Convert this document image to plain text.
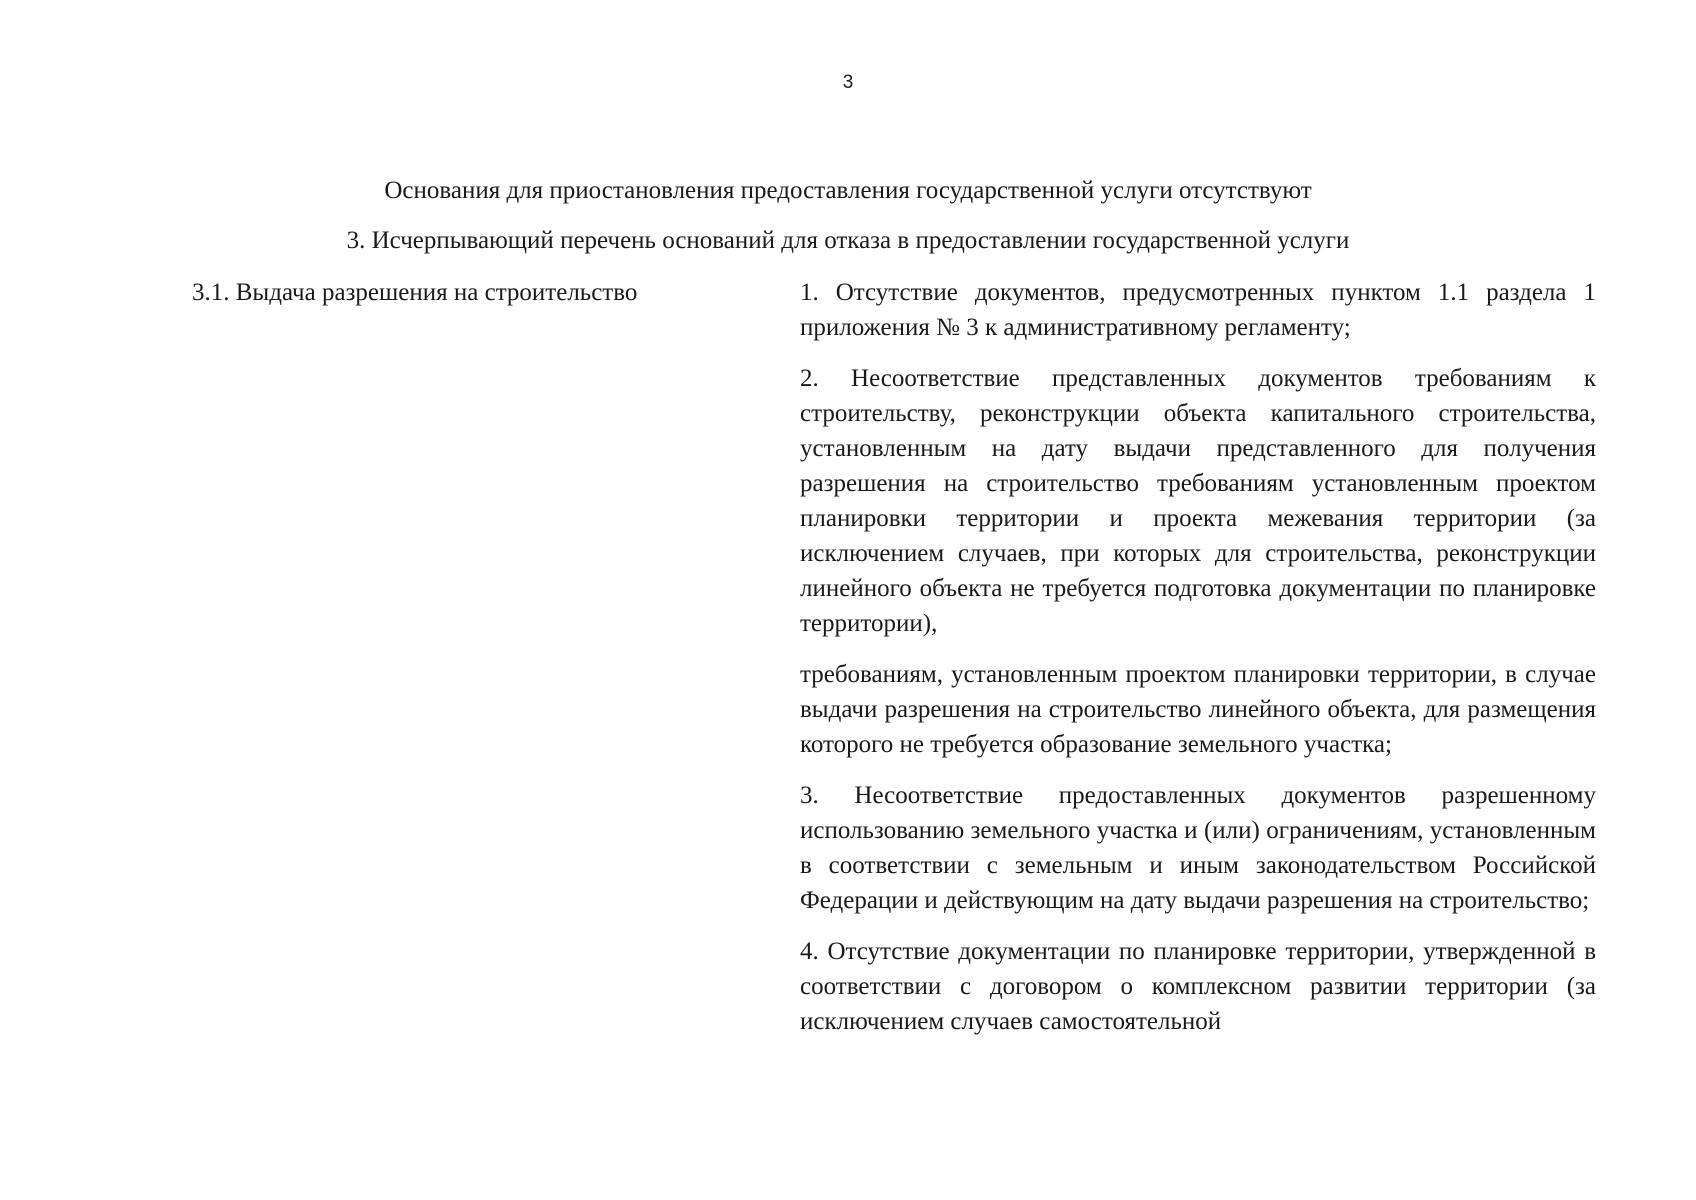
3
Основания для приостановления предоставления государственной услуги отсутствуют
3. Исчерпывающий перечень оснований для отказа в предоставлении государственной услуги
3.1. Выдача разрешения на строительство	1. Отсутствие документов, предусмотренных пунктом 1.1 раздела 1 приложения № 3 к административному регламенту;

2. Несоответствие представленных документов требованиям к строительству, реконструкции объекта капитального строительства, установленным на дату выдачи представленного для получения разрешения на строительство требованиям установленным проектом планировки территории и проекта межевания территории (за исключением случаев, при которых для строительства, реконструкции линейного объекта не требуется подготовка документации по планировке территории),

требованиям, установленным проектом планировки территории, в случае выдачи разрешения на строительство линейного объекта, для размещения которого не требуется образование земельного участка;

3. Несоответствие предоставленных документов разрешенному использованию земельного участка и (или) ограничениям, установленным в соответствии с земельным и иным законодательством Российской Федерации и действующим на дату выдачи разрешения на строительство;

4. Отсутствие документации по планировке территории, утвержденной в соответствии с договором о комплексном развитии территории (за исключением случаев самостоятельной
